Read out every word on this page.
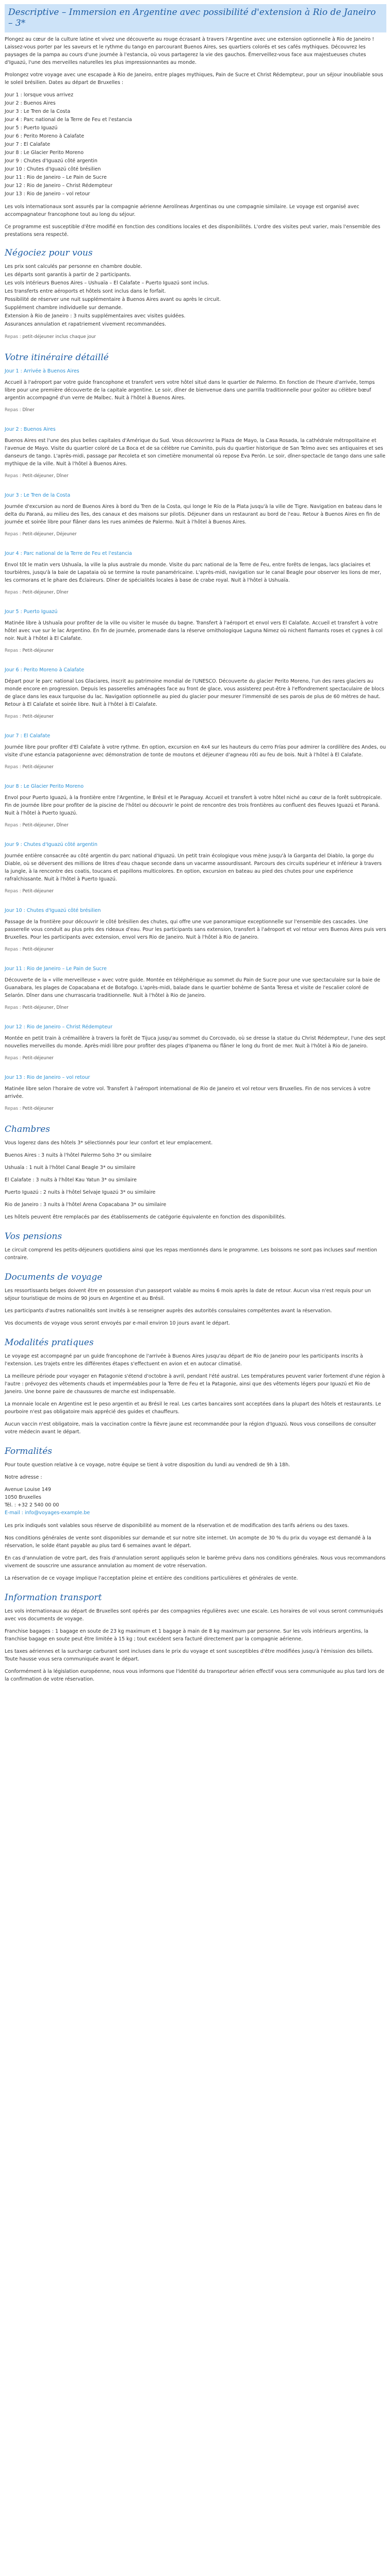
Descriptive – Immersion en Argentine avec possibilité d'extension à Rio de Janeiro – 3*

Plongez au cœur de la culture latine et vivez une découverte au rouge écrasant à travers l'Argentine avec une extension optionnelle à Rio de Janeiro ! Laissez-vous porter par les saveurs et le rythme du tango en parcourant Buenos Aires, ses quartiers colorés et ses cafés mythiques. Découvrez les paysages de la pampa au cours d'une journée à l'estancia, où vous partagerez la vie des gauchos. Émerveillez-vous face aux majestueuses chutes d'Iguazú, l'une des merveilles naturelles les plus impressionnantes au monde.

Prolongez votre voyage avec une escapade à Rio de Janeiro, entre plages mythiques, Pain de Sucre et Christ Rédempteur, pour un séjour inoubliable sous le soleil brésilien. Dates au départ de Bruxelles :

Jour 1 : lorsque vous arrivez
Jour 2 : Buenos Aires
Jour 3 : Le Tren de la Costa
Jour 4 : Parc national de la Terre de Feu et l'estancia
Jour 5 : Puerto Iguazú
Jour 6 : Perito Moreno à Calafate
Jour 7 : El Calafate
Jour 8 : Le Glacier Perito Moreno
Jour 9 : Chutes d'Iguazú côté argentin
Jour 10 : Chutes d'Iguazú côté brésilien
Jour 11 : Rio de Janeiro – Le Pain de Sucre
Jour 12 : Rio de Janeiro – Christ Rédempteur
Jour 13 : Rio de Janeiro – vol retour

Les vols internationaux sont assurés par la compagnie aérienne Aerolíneas Argentinas ou une compagnie similaire. Le voyage est organisé avec accompagnateur francophone tout au long du séjour.

Ce programme est susceptible d'être modifié en fonction des conditions locales et des disponibilités. L'ordre des visites peut varier, mais l'ensemble des prestations sera respecté.

Négociez pour vous
Les prix sont calculés par personne en chambre double.
Les départs sont garantis à partir de 2 participants.
Les vols intérieurs Buenos Aires – Ushuaïa – El Calafate – Puerto Iguazú sont inclus.
Les transferts entre aéroports et hôtels sont inclus dans le forfait.
Possibilité de réserver une nuit supplémentaire à Buenos Aires avant ou après le circuit.
Supplément chambre individuelle sur demande.
Extension à Rio de Janeiro : 3 nuits supplémentaires avec visites guidées.
Assurances annulation et rapatriement vivement recommandées.
Repas : petit-déjeuner inclus chaque jour
Votre itinéraire détaillé
Jour 1 : Arrivée à Buenos Aires

Accueil à l'aéroport par votre guide francophone et transfert vers votre hôtel situé dans le quartier de Palermo. En fonction de l'heure d'arrivée, temps libre pour une première découverte de la capitale argentine. Le soir, dîner de bienvenue dans une parrilla traditionnelle pour goûter au célèbre bœuf argentin accompagné d'un verre de Malbec. Nuit à l'hôtel à Buenos Aires.

Repas : Dîner
Jour 2 : Buenos Aires

Buenos Aires est l'une des plus belles capitales d'Amérique du Sud. Vous découvrirez la Plaza de Mayo, la Casa Rosada, la cathédrale métropolitaine et l'avenue de Mayo. Visite du quartier coloré de La Boca et de sa célèbre rue Caminito, puis du quartier historique de San Telmo avec ses antiquaires et ses danseurs de tango. L'après-midi, passage par Recoleta et son cimetière monumental où repose Eva Perón. Le soir, dîner-spectacle de tango dans une salle mythique de la ville. Nuit à l'hôtel à Buenos Aires.

Repas : Petit-déjeuner, Dîner
Jour 3 : Le Tren de la Costa

Journée d'excursion au nord de Buenos Aires à bord du Tren de la Costa, qui longe le Río de la Plata jusqu'à la ville de Tigre. Navigation en bateau dans le delta du Paraná, au milieu des îles, des canaux et des maisons sur pilotis. Déjeuner dans un restaurant au bord de l'eau. Retour à Buenos Aires en fin de journée et soirée libre pour flâner dans les rues animées de Palermo. Nuit à l'hôtel à Buenos Aires.

Repas : Petit-déjeuner, Déjeuner
Jour 4 : Parc national de la Terre de Feu et l'estancia

Envol tôt le matin vers Ushuaïa, la ville la plus australe du monde. Visite du parc national de la Terre de Feu, entre forêts de lengas, lacs glaciaires et tourbières, jusqu'à la baie de Lapataia où se termine la route panaméricaine. L'après-midi, navigation sur le canal Beagle pour observer les lions de mer, les cormorans et le phare des Éclaireurs. Dîner de spécialités locales à base de crabe royal. Nuit à l'hôtel à Ushuaïa.

Repas : Petit-déjeuner, Dîner
Jour 5 : Puerto Iguazú

Matinée libre à Ushuaïa pour profiter de la ville ou visiter le musée du bagne. Transfert à l'aéroport et envol vers El Calafate. Accueil et transfert à votre hôtel avec vue sur le lac Argentino. En fin de journée, promenade dans la réserve ornithologique Laguna Nimez où nichent flamants roses et cygnes à col noir. Nuit à l'hôtel à El Calafate.

Repas : Petit-déjeuner
Jour 6 : Perito Moreno à Calafate

Départ pour le parc national Los Glaciares, inscrit au patrimoine mondial de l'UNESCO. Découverte du glacier Perito Moreno, l'un des rares glaciers au monde encore en progression. Depuis les passerelles aménagées face au front de glace, vous assisterez peut-être à l'effondrement spectaculaire de blocs de glace dans les eaux turquoise du lac. Navigation optionnelle au pied du glacier pour mesurer l'immensité de ses parois de plus de 60 mètres de haut. Retour à El Calafate et soirée libre. Nuit à l'hôtel à El Calafate.

Repas : Petit-déjeuner
Jour 7 : El Calafate

Journée libre pour profiter d'El Calafate à votre rythme. En option, excursion en 4x4 sur les hauteurs du cerro Frías pour admirer la cordillère des Andes, ou visite d'une estancia patagonienne avec démonstration de tonte de moutons et déjeuner d'agneau rôti au feu de bois. Nuit à l'hôtel à El Calafate.

Repas : Petit-déjeuner
Jour 8 : Le Glacier Perito Moreno

Envol pour Puerto Iguazú, à la frontière entre l'Argentine, le Brésil et le Paraguay. Accueil et transfert à votre hôtel niché au cœur de la forêt subtropicale. Fin de journée libre pour profiter de la piscine de l'hôtel ou découvrir le point de rencontre des trois frontières au confluent des fleuves Iguazú et Paraná. Nuit à l'hôtel à Puerto Iguazú.

Repas : Petit-déjeuner, Dîner
Jour 9 : Chutes d'Iguazú côté argentin

Journée entière consacrée au côté argentin du parc national d'Iguazú. Un petit train écologique vous mène jusqu'à la Garganta del Diablo, la gorge du Diable, où se déversent des millions de litres d'eau chaque seconde dans un vacarme assourdissant. Parcours des circuits supérieur et inférieur à travers la jungle, à la rencontre des coatis, toucans et papillons multicolores. En option, excursion en bateau au pied des chutes pour une expérience rafraîchissante. Nuit à l'hôtel à Puerto Iguazú.

Repas : Petit-déjeuner
Jour 10 : Chutes d'Iguazú côté brésilien

Passage de la frontière pour découvrir le côté brésilien des chutes, qui offre une vue panoramique exceptionnelle sur l'ensemble des cascades. Une passerelle vous conduit au plus près des rideaux d'eau. Pour les participants sans extension, transfert à l'aéroport et vol retour vers Buenos Aires puis vers Bruxelles. Pour les participants avec extension, envol vers Rio de Janeiro. Nuit à l'hôtel à Rio de Janeiro.

Repas : Petit-déjeuner
Jour 11 : Rio de Janeiro – Le Pain de Sucre

Découverte de la « ville merveilleuse » avec votre guide. Montée en téléphérique au sommet du Pain de Sucre pour une vue spectaculaire sur la baie de Guanabara, les plages de Copacabana et de Botafogo. L'après-midi, balade dans le quartier bohème de Santa Teresa et visite de l'escalier coloré de Selarón. Dîner dans une churrascaria traditionnelle. Nuit à l'hôtel à Rio de Janeiro.

Repas : Petit-déjeuner, Dîner
Jour 12 : Rio de Janeiro – Christ Rédempteur

Montée en petit train à crémaillère à travers la forêt de Tijuca jusqu'au sommet du Corcovado, où se dresse la statue du Christ Rédempteur, l'une des sept nouvelles merveilles du monde. Après-midi libre pour profiter des plages d'Ipanema ou flâner le long du front de mer. Nuit à l'hôtel à Rio de Janeiro.

Repas : Petit-déjeuner
Jour 13 : Rio de Janeiro – vol retour

Matinée libre selon l'horaire de votre vol. Transfert à l'aéroport international de Rio de Janeiro et vol retour vers Bruxelles. Fin de nos services à votre arrivée.

Repas : Petit-déjeuner
Chambres

Vous logerez dans des hôtels 3* sélectionnés pour leur confort et leur emplacement.

Buenos Aires : 3 nuits à l'hôtel Palermo Soho 3* ou similaire

Ushuaïa : 1 nuit à l'hôtel Canal Beagle 3* ou similaire

El Calafate : 3 nuits à l'hôtel Kau Yatun 3* ou similaire

Puerto Iguazú : 2 nuits à l'hôtel Selvaje Iguazú 3* ou similaire

Rio de Janeiro : 3 nuits à l'hôtel Arena Copacabana 3* ou similaire

Les hôtels peuvent être remplacés par des établissements de catégorie équivalente en fonction des disponibilités.

Vos pensions

Le circuit comprend les petits-déjeuners quotidiens ainsi que les repas mentionnés dans le programme. Les boissons ne sont pas incluses sauf mention contraire.

Documents de voyage

Les ressortissants belges doivent être en possession d'un passeport valable au moins 6 mois après la date de retour. Aucun visa n'est requis pour un séjour touristique de moins de 90 jours en Argentine et au Brésil.

Les participants d'autres nationalités sont invités à se renseigner auprès des autorités consulaires compétentes avant la réservation.

Vos documents de voyage vous seront envoyés par e-mail environ 10 jours avant le départ.

Modalités pratiques

Le voyage est accompagné par un guide francophone de l'arrivée à Buenos Aires jusqu'au départ de Rio de Janeiro pour les participants inscrits à l'extension. Les trajets entre les différentes étapes s'effectuent en avion et en autocar climatisé.

La meilleure période pour voyager en Patagonie s'étend d'octobre à avril, pendant l'été austral. Les températures peuvent varier fortement d'une région à l'autre : prévoyez des vêtements chauds et imperméables pour la Terre de Feu et la Patagonie, ainsi que des vêtements légers pour Iguazú et Rio de Janeiro. Une bonne paire de chaussures de marche est indispensable.

La monnaie locale en Argentine est le peso argentin et au Brésil le real. Les cartes bancaires sont acceptées dans la plupart des hôtels et restaurants. Le pourboire n'est pas obligatoire mais apprécié des guides et chauffeurs.

Aucun vaccin n'est obligatoire, mais la vaccination contre la fièvre jaune est recommandée pour la région d'Iguazú. Nous vous conseillons de consulter votre médecin avant le départ.

Formalités

Pour toute question relative à ce voyage, notre équipe se tient à votre disposition du lundi au vendredi de 9h à 18h.

Notre adresse :

Avenue Louise 149
1050 Bruxelles
Tél. : +32 2 540 00 00
E-mail : info@voyages-example.be

Les prix indiqués sont valables sous réserve de disponibilité au moment de la réservation et de modification des tarifs aériens ou des taxes.

Nos conditions générales de vente sont disponibles sur demande et sur notre site internet. Un acompte de 30 % du prix du voyage est demandé à la réservation, le solde étant payable au plus tard 6 semaines avant le départ.

En cas d'annulation de votre part, des frais d'annulation seront appliqués selon le barème prévu dans nos conditions générales. Nous vous recommandons vivement de souscrire une assurance annulation au moment de votre réservation.

La réservation de ce voyage implique l'acceptation pleine et entière des conditions particulières et générales de vente.

Information transport

Les vols internationaux au départ de Bruxelles sont opérés par des compagnies régulières avec une escale. Les horaires de vol vous seront communiqués avec vos documents de voyage.

Franchise bagages : 1 bagage en soute de 23 kg maximum et 1 bagage à main de 8 kg maximum par personne. Sur les vols intérieurs argentins, la franchise bagage en soute peut être limitée à 15 kg ; tout excédent sera facturé directement par la compagnie aérienne.

Les taxes aériennes et la surcharge carburant sont incluses dans le prix du voyage et sont susceptibles d'être modifiées jusqu'à l'émission des billets. Toute hausse vous sera communiquée avant le départ.

Conformément à la législation européenne, nous vous informons que l'identité du transporteur aérien effectif vous sera communiquée au plus tard lors de la confirmation de votre réservation.
